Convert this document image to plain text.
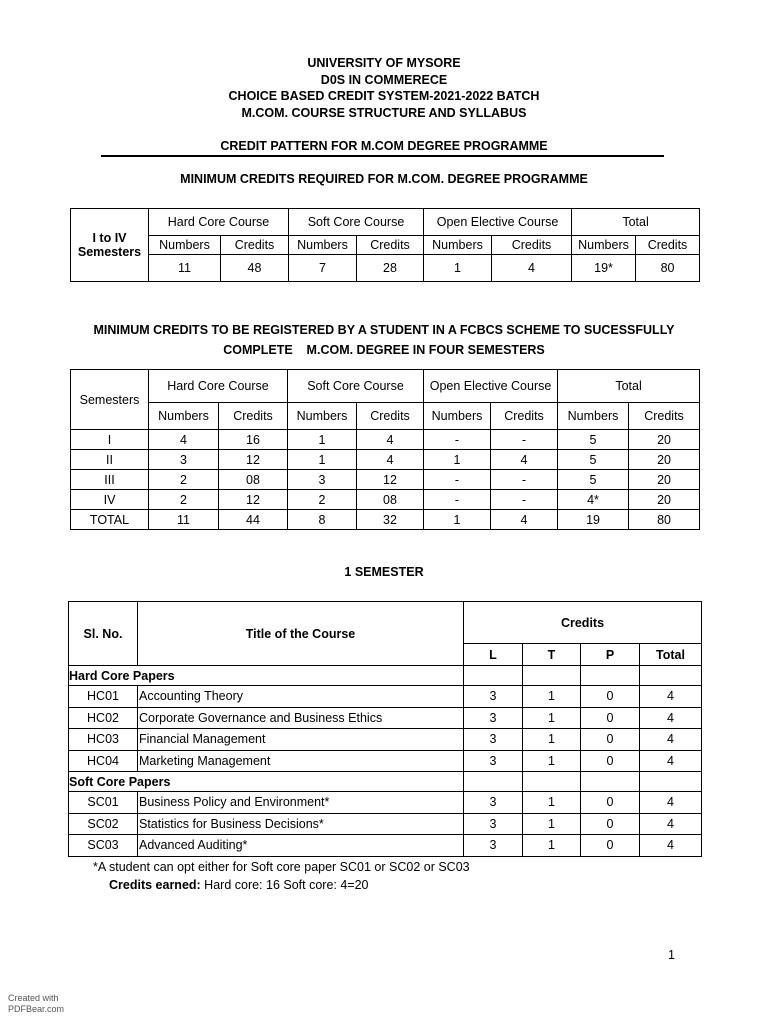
UNIVERSITY OF MYSORE
D0S IN COMMERECE
CHOICE BASED CREDIT SYSTEM-2021-2022 BATCH
M.COM. COURSE STRUCTURE AND SYLLABUS
CREDIT PATTERN FOR M.COM DEGREE PROGRAMME
MINIMUM CREDITS REQUIRED FOR M.COM. DEGREE PROGRAMME
I to IV
Semesters	Hard Core Course		Soft Core Course		Open Elective Course		Total	
	Numbers	Credits	Numbers	Credits	Numbers	Credits	Numbers	Credits
	11	48	7	28	1	4	19*	80
MINIMUM CREDITS TO BE REGISTERED BY A STUDENT IN A FCBCS SCHEME TO SUCESSFULLY
COMPLETE    M.COM. DEGREE IN FOUR SEMESTERS
Semesters	Hard Core Course		Soft Core Course		Open Elective Course		Total	
	Numbers	Credits	Numbers	Credits	Numbers	Credits	Numbers	Credits
I	4	16	1	4	-	-	5	20
II	3	12	1	4	1	4	5	20
III	2	08	3	12	-	-	5	20
IV	2	12	2	08	-	-	4*	20
TOTAL	11	44	8	32	1	4	19	80
1 SEMESTER
Sl. No.	Title of the Course	Credits			
		L	T	P	Total
Hard Core Papers					
HC01	Accounting Theory	3	1	0	4
HC02	Corporate Governance and Business Ethics	3	1	0	4
HC03	Financial Management	3	1	0	4
HC04	Marketing Management	3	1	0	4
Soft Core Papers					
SC01	Business Policy and Environment*	3	1	0	4
SC02	Statistics for Business Decisions*	3	1	0	4
SC03	Advanced Auditing*	3	1	0	4
*A student can opt either for Soft core paper SC01 or SC02 or SC03
Credits earned: Hard core: 16 Soft core: 4=20
1
Created with
PDFBear.com
